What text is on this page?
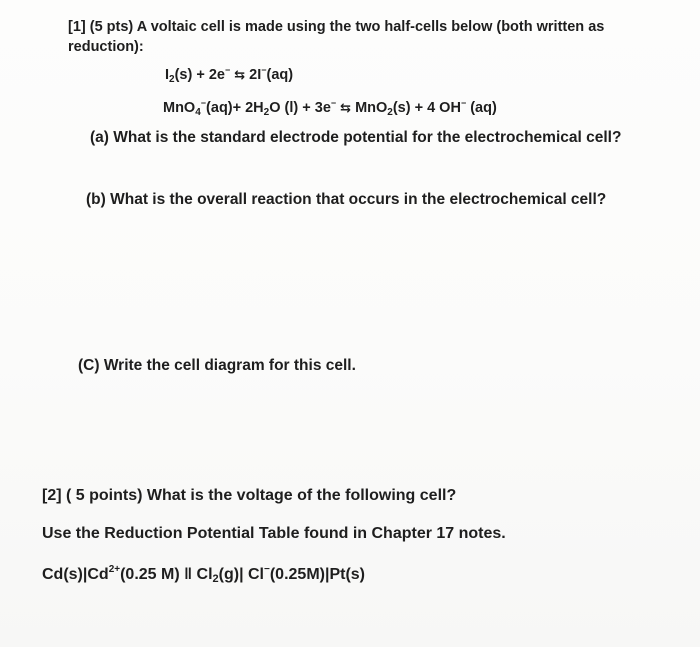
[1] (5 pts) A voltaic cell is made using the two half-cells below (both written as
reduction):
$I_2(s) + 2e^-$ ⇆ 2I−(aq)
$MnO_4^-(aq)+ 2H_2O$ (l) + 3e− ⇆ MnO$_2$(s) + 4 OH− (aq)
(a) What is the standard electrode potential for the electrochemical cell?
(b) What is the overall reaction that occurs in the electrochemical cell?
(C) Write the cell diagram for this cell.
[2] ( 5 points) What is the voltage of the following cell?
Use the Reduction Potential Table found in Chapter 17 notes.
$Cd(s)|Cd^{2+}(0.25$ M) ‖ $Cl_2(g)|$ Cl−(0.25M)|Pt(s)
